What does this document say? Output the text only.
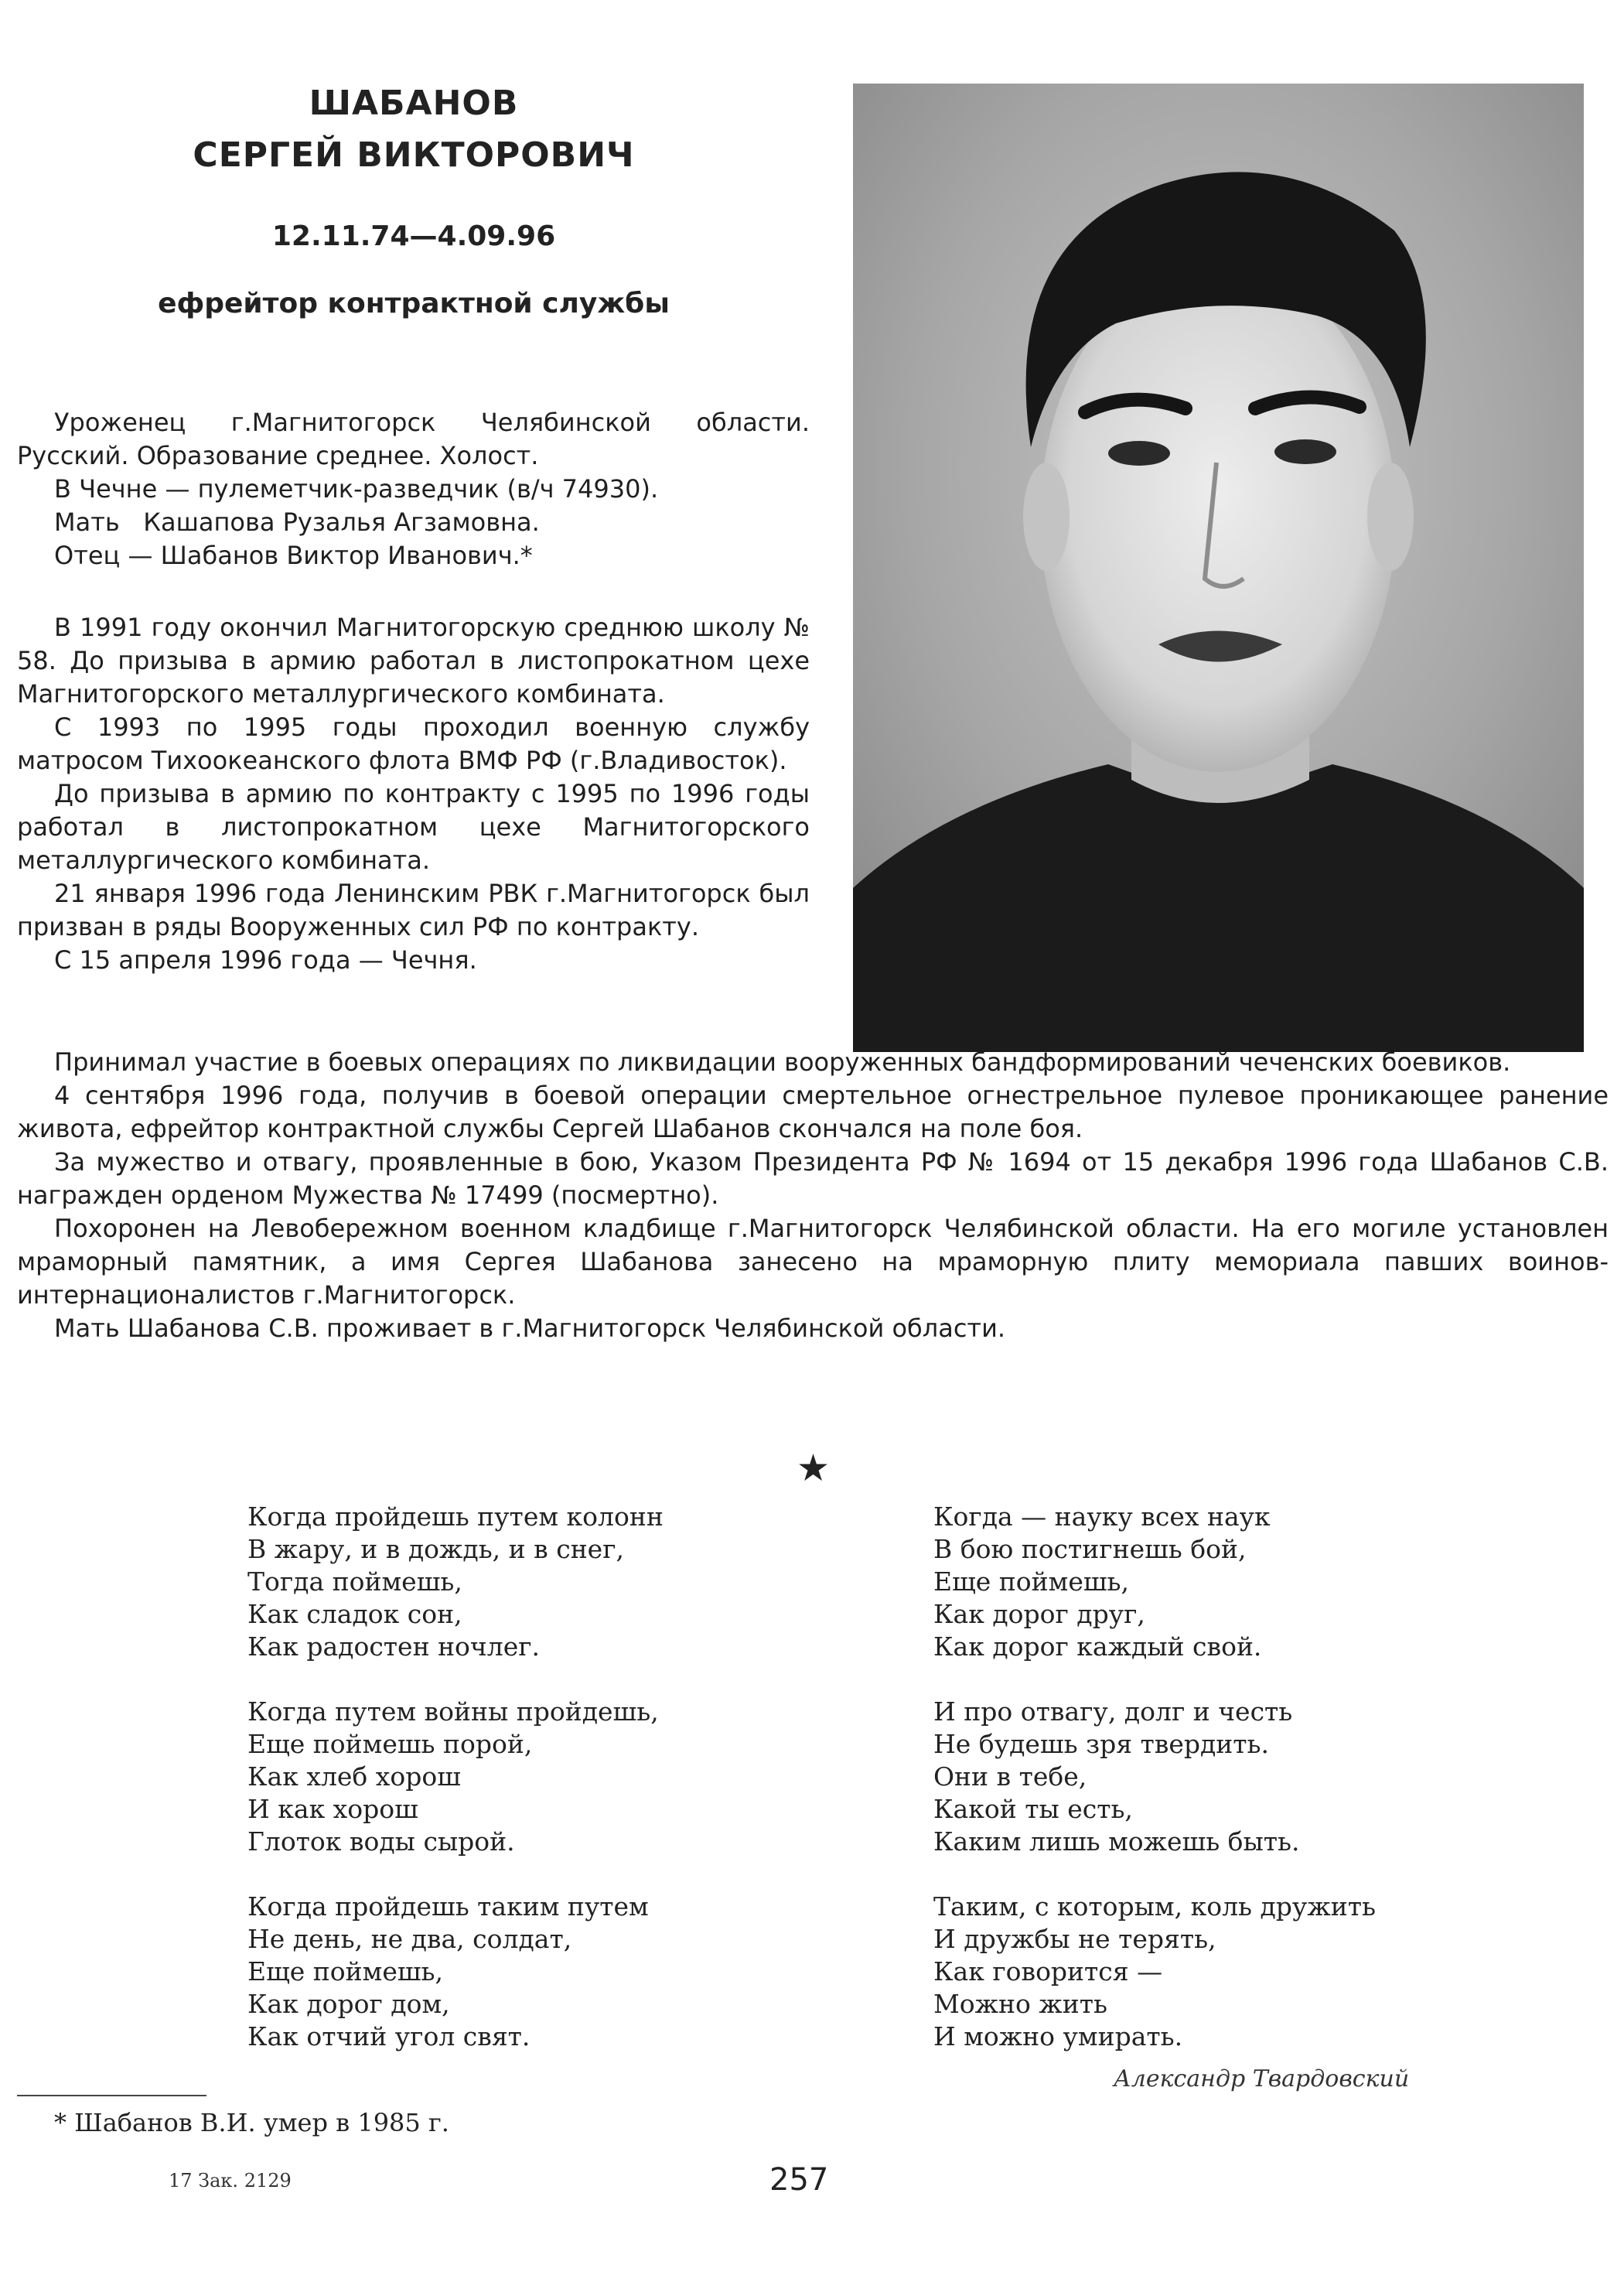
ШАБАНОВ
СЕРГЕЙ ВИКТОРОВИЧ
12.11.74—4.09.96
ефрейтор контрактной службы

Уроженец г.Магнитогорск Челябинской области. Русский. Образование среднее. Холост.

В Чечне — пулеметчик-разведчик (в/ч 74930).

Мать   Кашапова Рузалья Агзамовна.

Отец — Шабанов Виктор Иванович.*

В 1991 году окончил Магнитогорскую среднюю школу № 58. До призыва в армию работал в листопрокатном цехе Магнитогорского металлургического комбината.

С 1993 по 1995 годы проходил военную службу матросом Тихоокеанского флота ВМФ РФ (г.Владивосток).

До призыва в армию по контракту с 1995 по 1996 годы работал в листопрокатном цехе Магнитогорского металлургического комбината.

21 января 1996 года Ленинским РВК г.Магнитогорск был призван в ряды Вооруженных сил РФ по контракту.

С 15 апреля 1996 года — Чечня.

Принимал участие в боевых операциях по ликвидации вооруженных бандформирований чеченских боевиков.

4 сентября 1996 года, получив в боевой операции смертельное огнестрельное пулевое проникающее ранение живота, ефрейтор контрактной службы Сергей Шабанов скончался на поле боя.

За мужество и отвагу, проявленные в бою, Указом Президента РФ № 1694 от 15 декабря 1996 года Шабанов С.В. награжден орденом Мужества № 17499 (посмертно).

Похоронен на Левобережном военном кладбище г.Магнитогорск Челябинской области. На его могиле установлен мраморный памятник, а имя Сергея Шабанова занесено на мраморную плиту мемориала павших воинов-интернационалистов г.Магнитогорск.

Мать Шабанова С.В. проживает в г.Магнитогорск Челябинской области.

★
Когда пройдешь путем колонн
В жару, и в дождь, и в снег,
Тогда поймешь,
Как сладок сон,
Как радостен ночлег.
Когда путем войны пройдешь,
Еще поймешь порой,
Как хлеб хорош
И как хорош
Глоток воды сырой.
Когда пройдешь таким путем
Не день, не два, солдат,
Еще поймешь,
Как дорог дом,
Как отчий угол свят.
Когда — науку всех наук
В бою постигнешь бой,
Еще поймешь,
Как дорог друг,
Как дорог каждый свой.
И про отвагу, долг и честь
Не будешь зря твердить.
Они в тебе,
Какой ты есть,
Каким лишь можешь быть.
Таким, с которым, коль дружить
И дружбы не терять,
Как говорится —
Можно жить
И можно умирать.
Александр Твардовский
* Шабанов В.И. умер в 1985 г.
17 Зак. 2129	257
